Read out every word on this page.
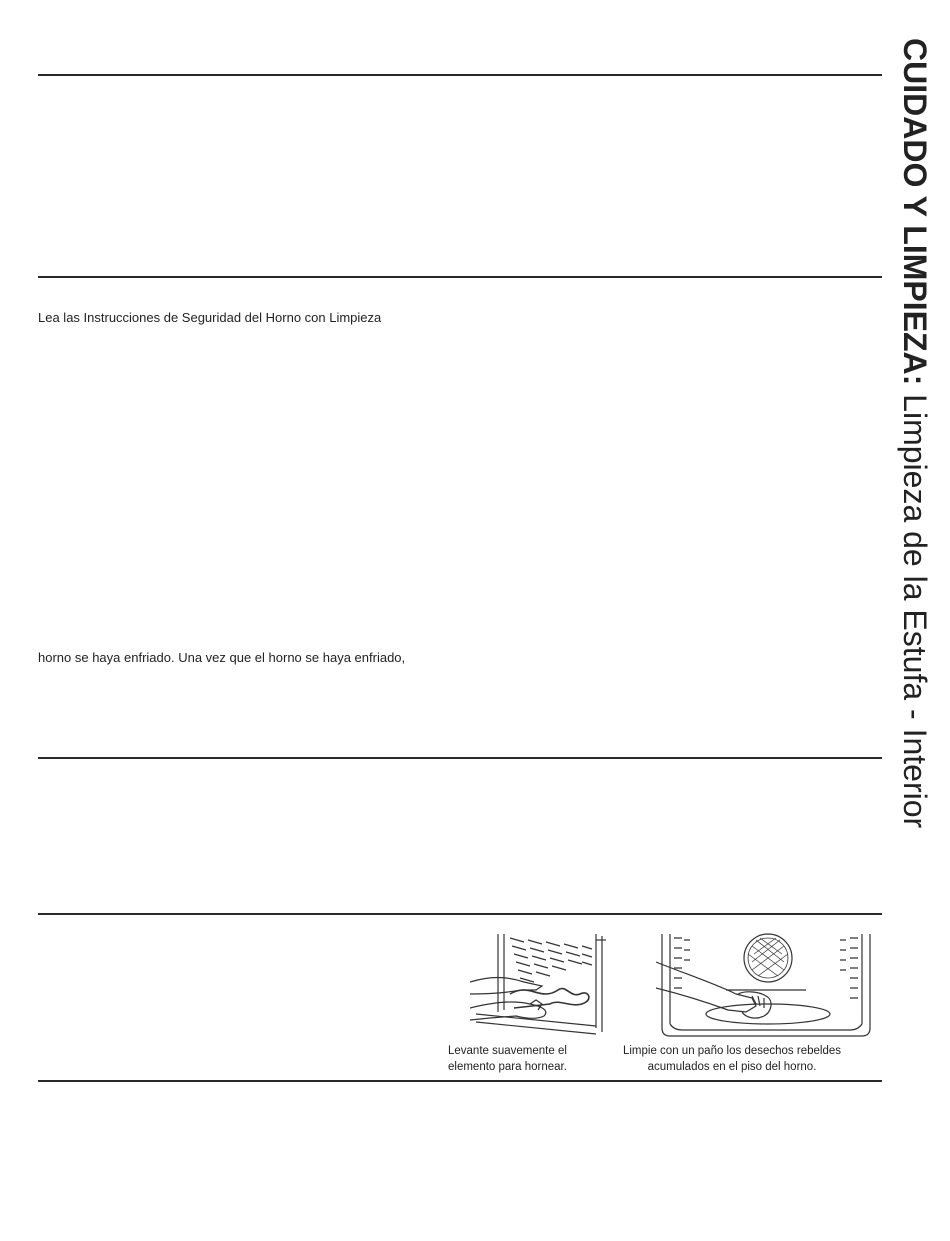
Lea las Instrucciones de Seguridad del Horno con Limpieza
horno se haya enfriado. Una vez que el horno se haya enfriado,
CUIDADO Y LIMPIEZA: Limpieza de la Estufa - Interior
Levante suavemente el
elemento para hornear.
Limpie con un paño los desechos rebeldes
acumulados en el piso del horno.
